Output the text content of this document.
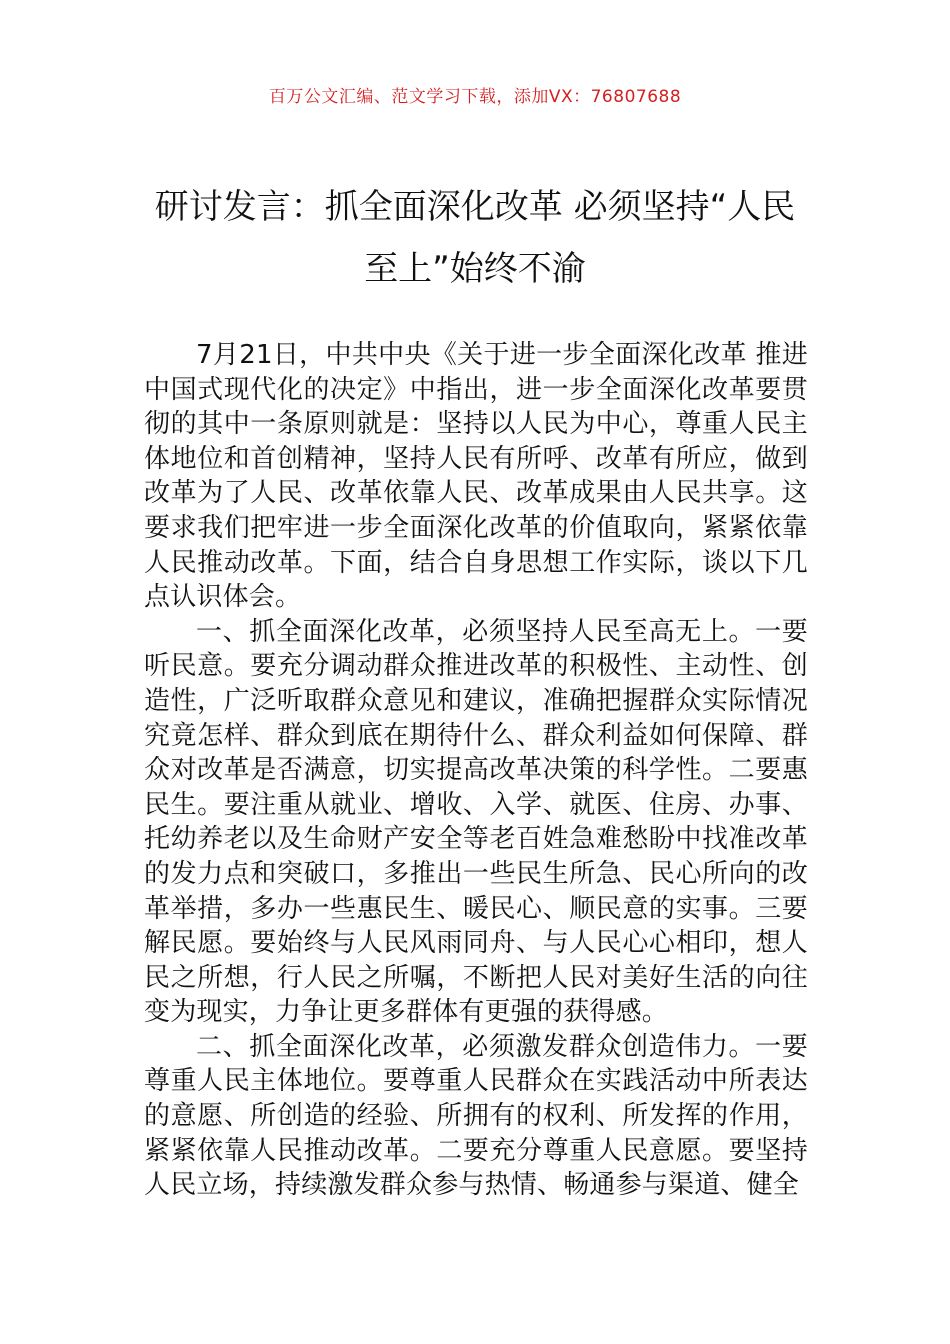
百万公文汇编、范文学习下载，添加VX：76807688
研讨发言：抓全面深化改革 必须坚持“人民至上”始终不渝

7月21日，中共中央《关于进一步全面深化改革 推进中国式现代化的决定》中指出，进一步全面深化改革要贯彻的其中一条原则就是：坚持以人民为中心，尊重人民主体地位和首创精神，坚持人民有所呼、改革有所应，做到改革为了人民、改革依靠人民、改革成果由人民共享。这要求我们把牢进一步全面深化改革的价值取向，紧紧依靠人民推动改革。下面，结合自身思想工作实际，谈以下几点认识体会。

一、抓全面深化改革，必须坚持人民至高无上。一要听民意。要充分调动群众推进改革的积极性、主动性、创造性，广泛听取群众意见和建议，准确把握群众实际情况究竟怎样、群众到底在期待什么、群众利益如何保障、群众对改革是否满意，切实提高改革决策的科学性。二要惠民生。要注重从就业、增收、入学、就医、住房、办事、托幼养老以及生命财产安全等老百姓急难愁盼中找准改革的发力点和突破口，多推出一些民生所急、民心所向的改革举措，多办一些惠民生、暖民心、顺民意的实事。三要解民愿。要始终与人民风雨同舟、与人民心心相印，想人民之所想，行人民之所嘱，不断把人民对美好生活的向往变为现实，力争让更多群体有更强的获得感。

二、抓全面深化改革，必须激发群众创造伟力。一要尊重人民主体地位。要尊重人民群众在实践活动中所表达的意愿、所创造的经验、所拥有的权利、所发挥的作用，紧紧依靠人民推动改革。二要充分尊重人民意愿。要坚持人民立场，持续激发群众参与热情、畅通参与渠道、健全
